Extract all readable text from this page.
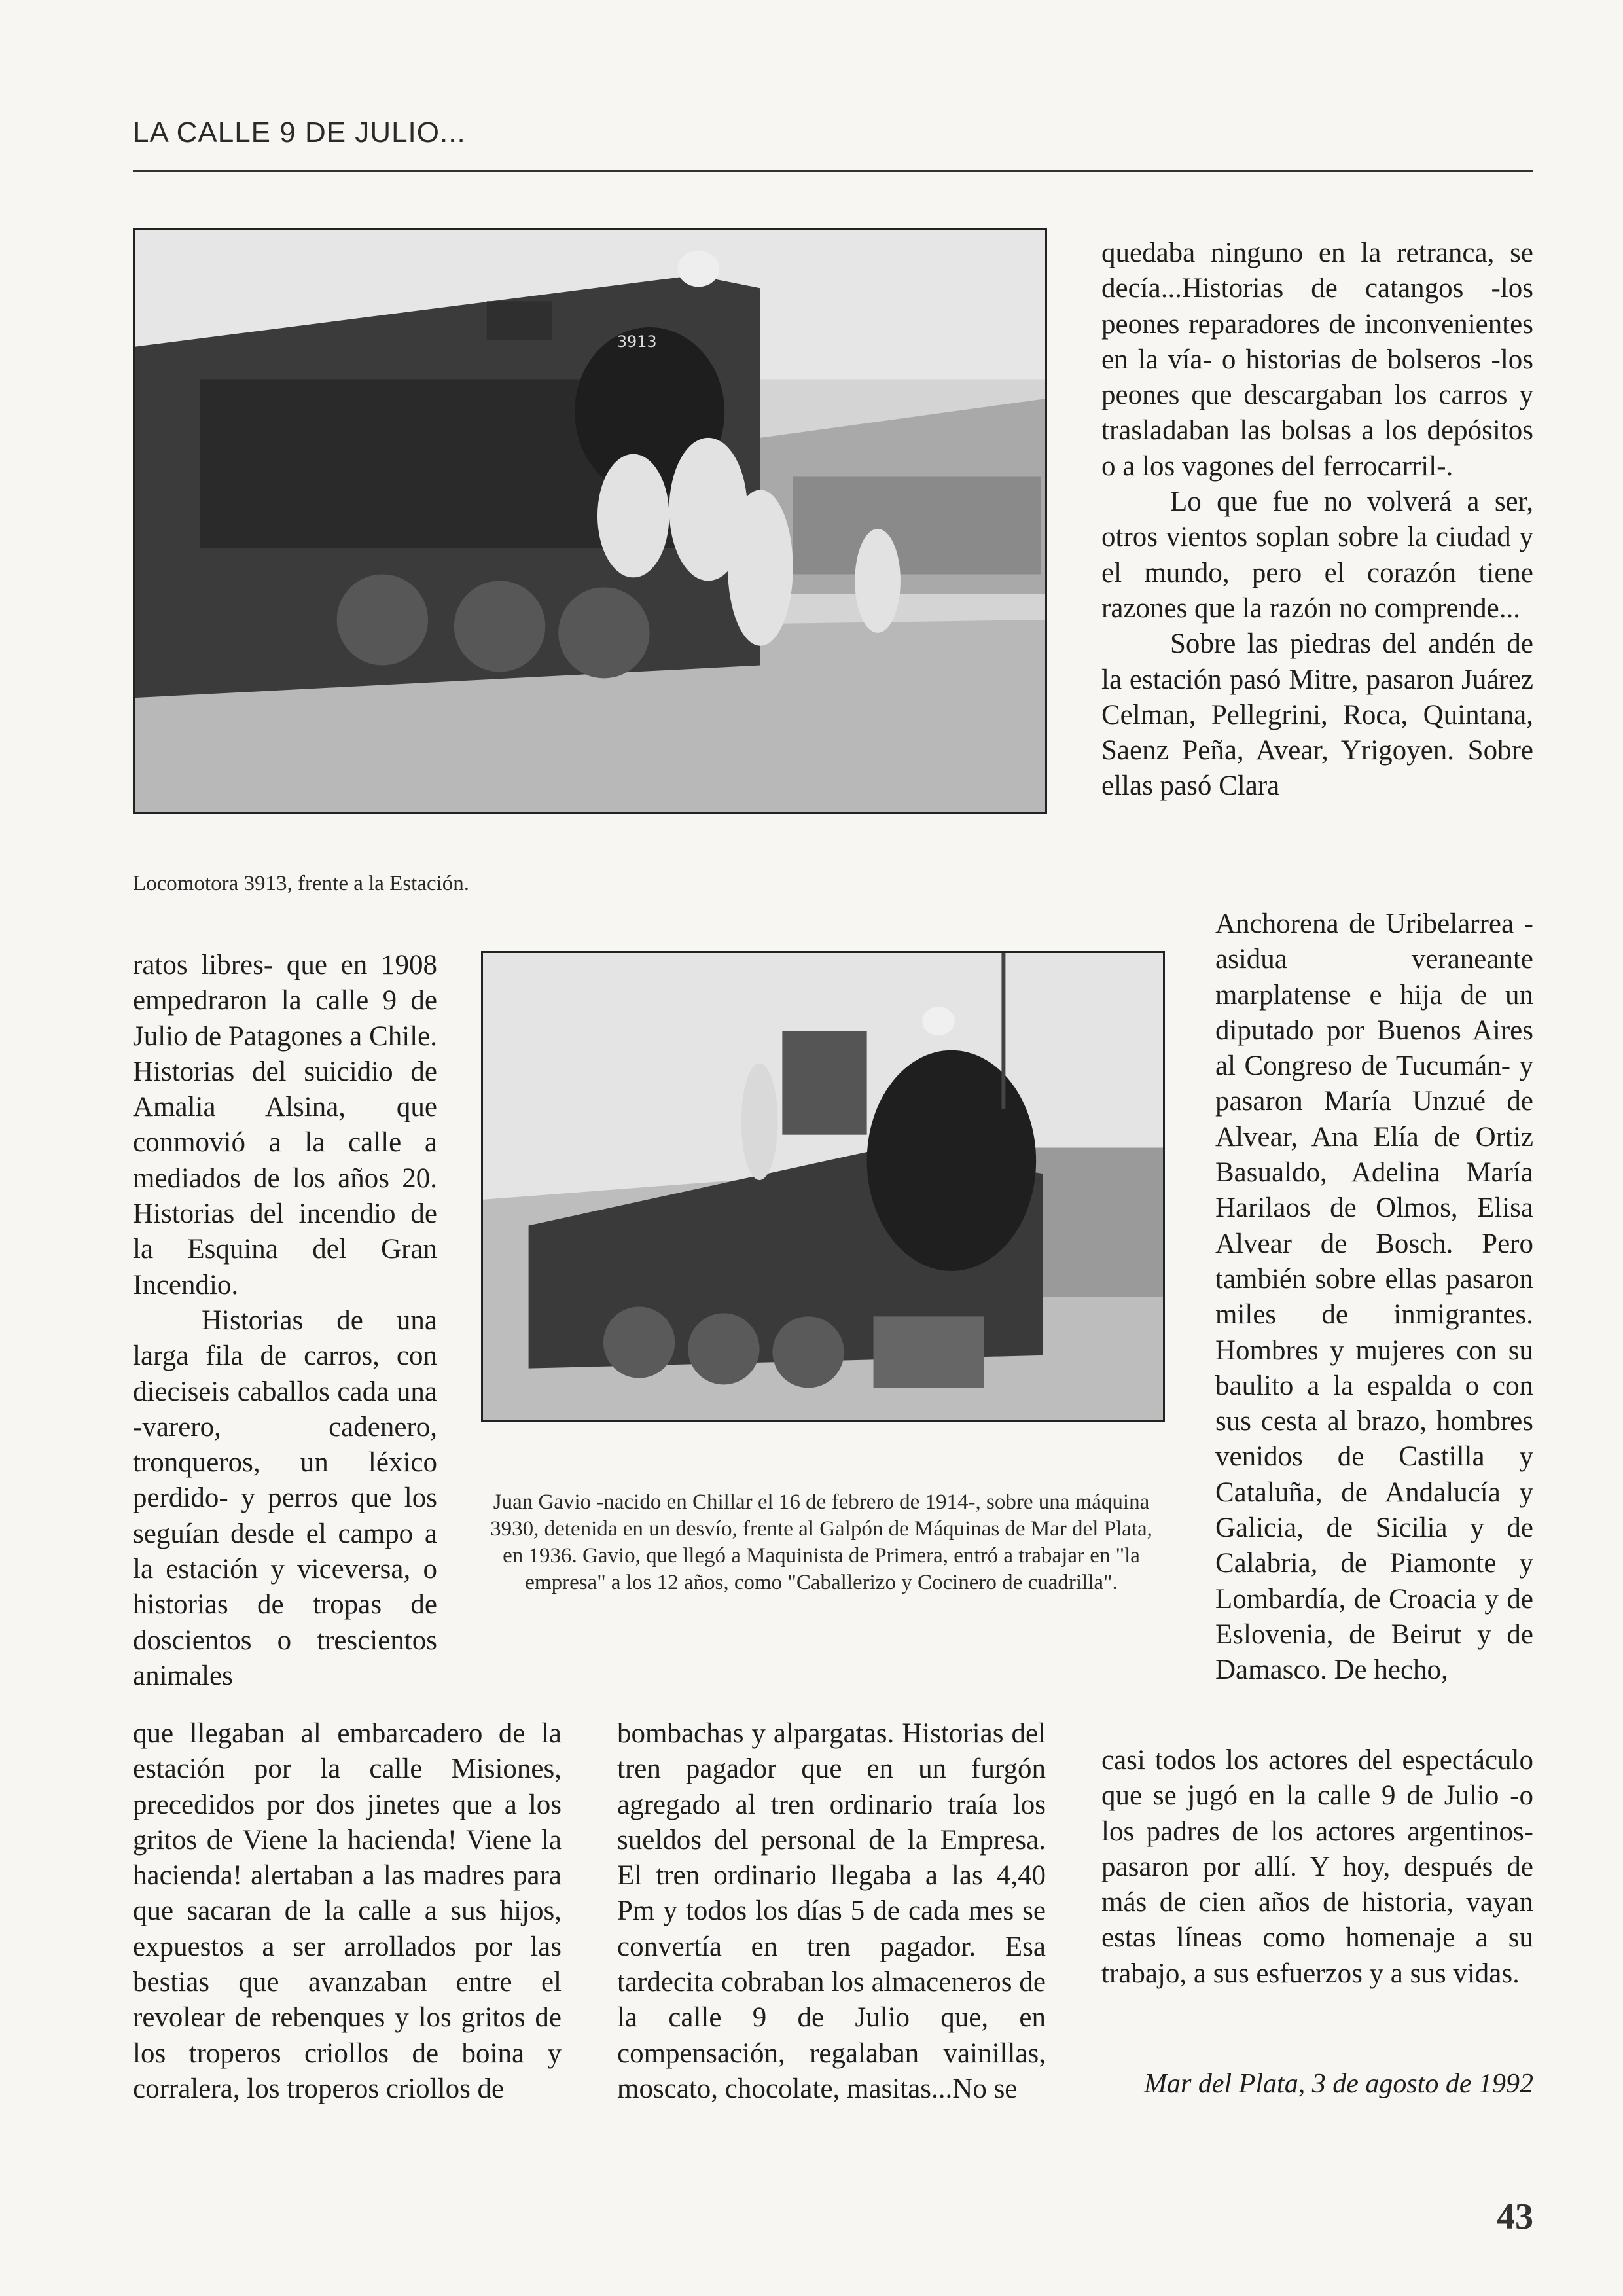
LA CALLE 9 DE JULIO...
3913
Locomotora 3913, frente a la Estación.
Juan Gavio -nacido en Chillar el 16 de febrero de 1914-, sobre una máquina 3930, detenida en un desvío, frente al Galpón de Máquinas de Mar del Plata, en 1936. Gavio, que llegó a Maquinista de Primera, entró a trabajar en "la empresa" a los 12 años, como "Caballerizo y Cocinero de cuadrilla".

ratos libres- que en 1908 empedraron la calle 9 de Julio de Patagones a Chile. Historias del suicidio de Amalia Alsina, que conmovió a la calle a mediados de los años 20. Historias del incendio de la Esquina del Gran Incendio.

Historias de una larga fila de carros, con dieciseis caballos cada una -varero, cadenero, tronqueros, un léxico perdido- y perros que los seguían desde el campo a la estación y viceversa, o historias de tropas de doscientos o trescientos animales

que llegaban al embarcadero de la estación por la calle Misiones, precedidos por dos jinetes que a los gritos de Viene la hacienda! Viene la hacienda! alertaban a las madres para que sacaran de la calle a sus hijos, expuestos a ser arrollados por las bestias que avanzaban entre el revolear de rebenques y los gritos de los troperos criollos de boina y corralera, los troperos criollos de

bombachas y alpargatas. Historias del tren pagador que en un furgón agregado al tren ordinario traía los sueldos del personal de la Empresa. El tren ordinario llegaba a las 4,40 Pm y todos los días 5 de cada mes se convertía en tren pagador. Esa tardecita cobraban los almaceneros de la calle 9 de Julio que, en compensación, regalaban vainillas, moscato, chocolate, masitas...No se

quedaba ninguno en la retranca, se decía...Historias de catangos -los peones reparadores de inconvenientes en la vía- o historias de bolseros -los peones que descargaban los carros y trasladaban las bolsas a los depósitos o a los vagones del ferrocarril-.

Lo que fue no volverá a ser, otros vientos soplan sobre la ciudad y el mundo, pero el corazón tiene razones que la razón no comprende...

Sobre las piedras del andén de la estación pasó Mitre, pasaron Juárez Celman, Pellegrini, Roca, Quintana, Saenz Peña, Avear, Yrigoyen. Sobre ellas pasó Clara

Anchorena de Uribelarrea -asidua veraneante marplatense e hija de un diputado por Buenos Aires al Congreso de Tucumán- y pasaron María Unzué de Alvear, Ana Elía de Ortiz Basualdo, Adelina María Harilaos de Olmos, Elisa Alvear de Bosch. Pero también sobre ellas pasaron miles de inmigrantes. Hombres y mujeres con su baulito a la espalda o con sus cesta al brazo, hombres venidos de Castilla y Cataluña, de Andalucía y Galicia, de Sicilia y de Calabria, de Piamonte y Lombardía, de Croacia y de Eslovenia, de Beirut y de Damasco. De hecho,

casi todos los actores del espectáculo que se jugó en la calle 9 de Julio -o los padres de los actores argentinos- pasaron por allí. Y hoy, después de más de cien años de historia, vayan estas líneas como homenaje a su trabajo, a sus esfuerzos y a sus vidas.

Mar del Plata, 3 de agosto de 1992
43
